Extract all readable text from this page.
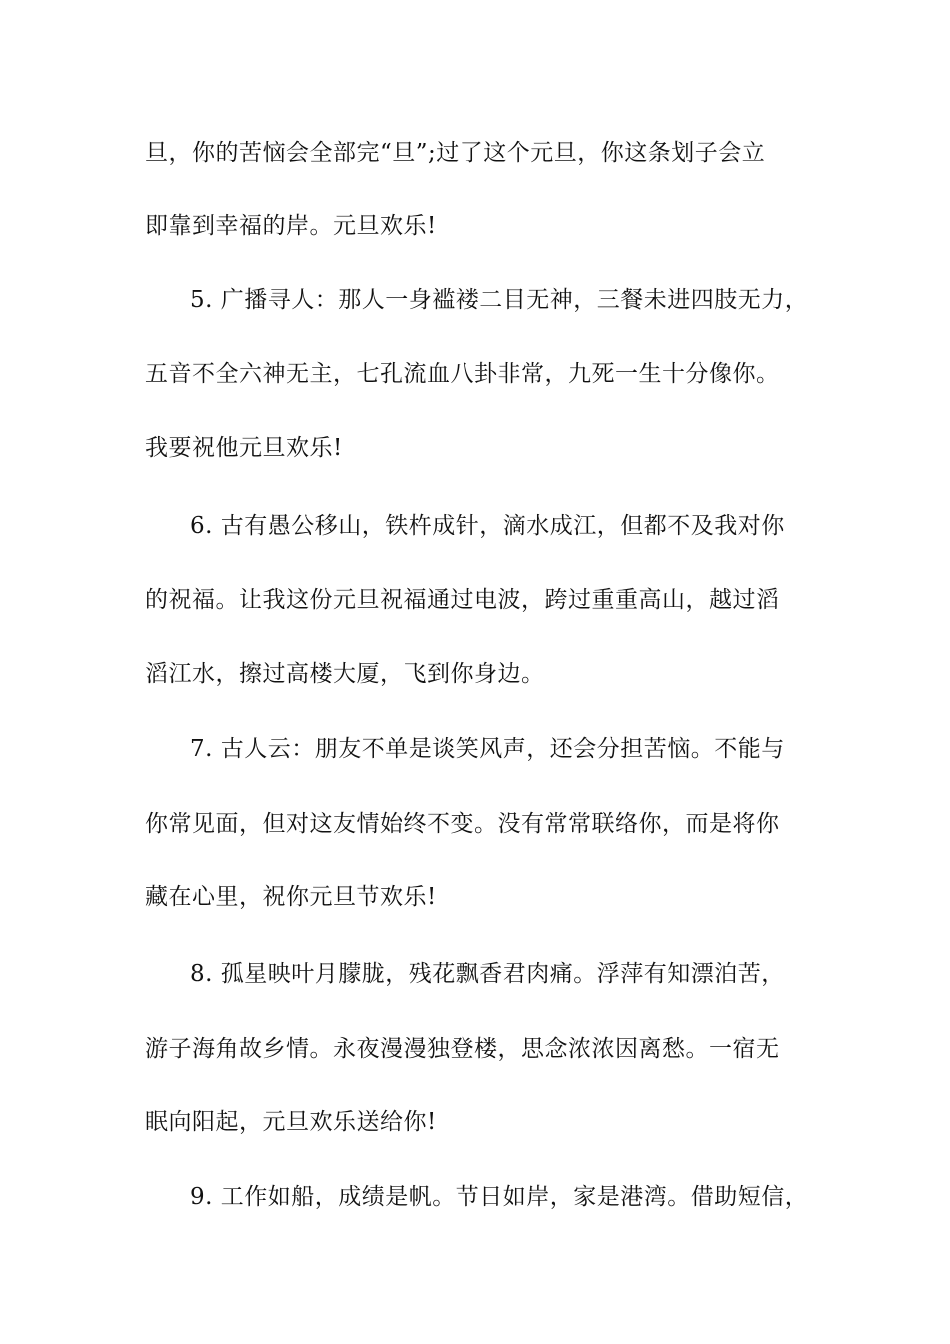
旦，你的苦恼会全部完“旦”;过了这个元旦，你这条划子会立
即靠到幸福的岸。元旦欢乐!
5. 广播寻人：那人一身褴褛二目无神，三餐未进四肢无力，
五音不全六神无主，七孔流血八卦非常，九死一生十分像你。
我要祝他元旦欢乐!
6. 古有愚公移山，铁杵成针，滴水成江，但都不及我对你
的祝福。让我这份元旦祝福通过电波，跨过重重高山，越过滔
滔江水，擦过高楼大厦，飞到你身边。
7. 古人云：朋友不单是谈笑风声，还会分担苦恼。不能与
你常见面，但对这友情始终不变。没有常常联络你，而是将你
藏在心里，祝你元旦节欢乐!
8. 孤星映叶月朦胧，残花飘香君肉痛。浮萍有知漂泊苦，
游子海角故乡情。永夜漫漫独登楼，思念浓浓因离愁。一宿无
眠向阳起，元旦欢乐送给你!
9. 工作如船，成绩是帆。节日如岸，家是港湾。借助短信，
